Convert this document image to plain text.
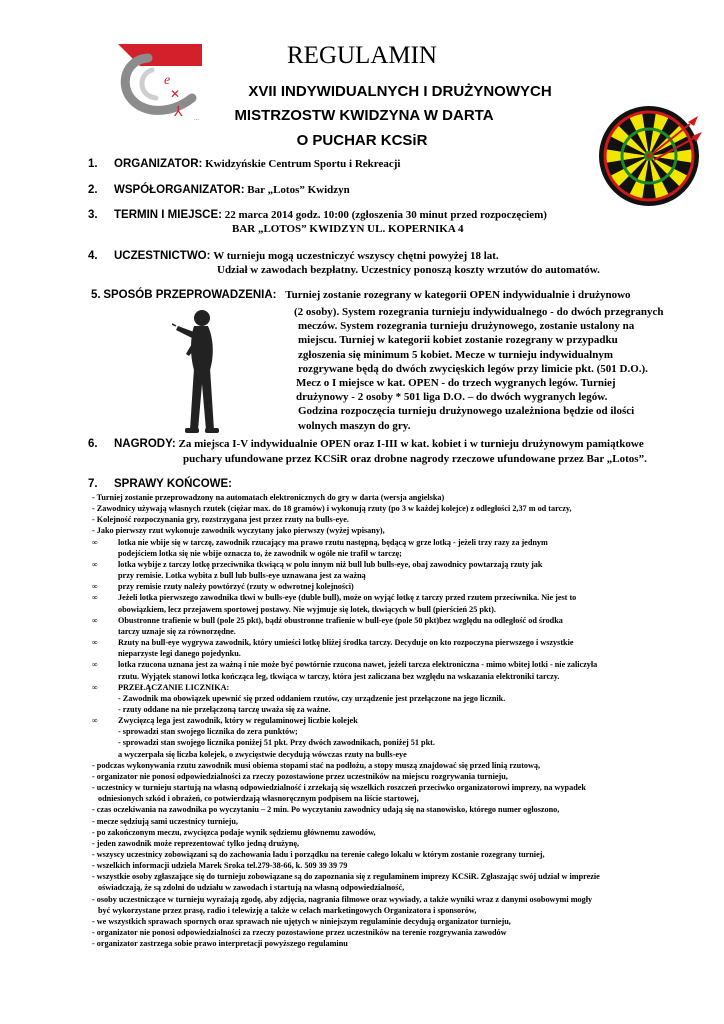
e
✕
⅄ ...
REGULAMIN
XVII INDYWIDUALNYCH I DRUŻYNOWYCH
MISTRZOSTW KWIDZYNA W DARTA
O PUCHAR KCSiR
1. ORGANIZATOR: Kwidzyńskie Centrum Sportu i Rekreacji
2. WSPÓŁORGANIZATOR: Bar „Lotos” Kwidzyn
3. TERMIN I MIEJSCE: 22 marca 2014 godz. 10:00 (zgłoszenia 30 minut przed rozpoczęciem)
BAR „LOTOS” KWIDZYN UL. KOPERNIKA 4
4. UCZESTNICTWO: W turnieju mogą uczestniczyć wszyscy chętni powyżej 18 lat.
Udział w zawodach bezpłatny. Uczestnicy ponoszą koszty wrzutów do automatów.
5. SPOSÓB PRZEPROWADZENIA: Turniej zostanie rozegrany w kategorii OPEN indywidualnie i drużynowo
(2 osoby). System rozegrania turnieju indywidualnego - do dwóch przegranych
meczów. System rozegrania turnieju drużynowego, zostanie ustalony na
miejscu. Turniej w kategorii kobiet zostanie rozegrany w przypadku
zgłoszenia się minimum 5 kobiet. Mecze w turnieju indywidualnym
rozgrywane będą do dwóch zwycięskich legów przy limicie pkt. (501 D.O.).
Mecz o I miejsce w kat. OPEN - do trzech wygranych legów. Turniej
drużynowy - 2 osoby * 501 liga D.O. – do dwóch wygranych legów.
Godzina rozpoczęcia turnieju drużynowego uzależniona będzie od ilości
wolnych maszyn do gry.
6. NAGRODY: Za miejsca I-V indywidualnie OPEN oraz I-III w kat. kobiet i w turnieju drużynowym pamiątkowe
puchary ufundowane przez KCSiR oraz drobne nagrody rzeczowe ufundowane przez Bar „Lotos”.
7. SPRAWY KOŃCOWE:
- Turniej zostanie przeprowadzony na automatach elektronicznych do gry w darta (wersja angielska)
- Zawodnicy używają własnych rzutek (ciężar max. do 18 gramów) i wykonują rzuty (po 3 w każdej kolejce) z odległości 2,37 m od tarczy,
- Kolejność rozpoczynania gry, rozstrzygana jest przez rzuty na bulls-eye.
- Jako pierwszy rzut wykonuje zawodnik wyczytany jako pierwszy (wyżej wpisany),
∞ lotka nie wbije się w tarczę, zawodnik rzucający ma prawo rzutu następną, będącą w grze lotką - jeżeli trzy razy za jednym
podejściem lotka się nie wbije oznacza to, że zawodnik w ogóle nie trafił w tarczę;
∞ lotka wybije z tarczy lotkę przeciwnika tkwiącą w polu innym niż bull lub bulls-eye, obaj zawodnicy powtarzają rzuty jak
przy remisie. Lotka wybita z bull lub bulls-eye uznawana jest za ważną
∞ przy remisie rzuty należy powtórzyć (rzuty w odwrotnej kolejności)
∞ Jeżeli lotka pierwszego zawodnika tkwi w bulls-eye (duble bull), może on wyjąć lotkę z tarczy przed rzutem przeciwnika. Nie jest to
obowiązkiem, lecz przejawem sportowej postawy. Nie wyjmuje się lotek, tkwiących w bull (pierścień 25 pkt).
∞ Obustronne trafienie w bull (pole 25 pkt), bądź obustronne trafienie w bull-eye (pole 50 pkt)bez względu na odległość od środka
tarczy uznaje się za równorzędne.
∞ Rzuty na bull-eye wygrywa zawodnik, który umieści lotkę bliżej środka tarczy. Decyduje on kto rozpoczyna pierwszego i wszystkie
nieparzyste legi danego pojedynku.
∞ lotka rzucona uznana jest za ważną i nie może być powtórnie rzucona nawet, jeżeli tarcza elektroniczna - mimo wbitej lotki - nie zaliczyła
rzutu. Wyjątek stanowi lotka kończąca leg, tkwiąca w tarczy, która jest zaliczana bez względu na wskazania elektroniki tarczy.
∞ PRZEŁĄCZANIE LICZNIKA:
- Zawodnik ma obowiązek upewnić się przed oddaniem rzutów, czy urządzenie jest przełączone na jego licznik.
- rzuty oddane na nie przełączoną tarczę uważa się za ważne.
∞ Zwycięzcą lega jest zawodnik, który w regulaminowej liczbie kolejek
- sprowadzi stan swojego licznika do zera punktów;
- sprowadzi stan swojego licznika poniżej 51 pkt. Przy dwóch zawodnikach, poniżej 51 pkt.
a wyczerpała się liczba kolejek, o zwycięstwie decydują wówczas rzuty na bulls-eye
- podczas wykonywania rzutu zawodnik musi obiema stopami stać na podłożu, a stopy muszą znajdować się przed linią rzutową,
- organizator nie ponosi odpowiedzialności za rzeczy pozostawione przez uczestników na miejscu rozgrywania turnieju,
- uczestnicy w turnieju startują na własną odpowiedzialność i zrzekają się wszelkich roszczeń przeciwko organizatorowi imprezy, na wypadek
odniesionych szkód i obrażeń, co potwierdzają własnoręcznym podpisem na liście startowej,
- czas oczekiwania na zawodnika po wyczytaniu – 2 min. Po wyczytaniu zawodnicy udają się na stanowisko, którego numer ogłoszono,
- mecze sędziują sami uczestnicy turnieju,
- po zakończonym meczu, zwycięzca podaje wynik sędziemu głównemu zawodów,
- jeden zawodnik może reprezentować tylko jedną drużynę,
- wszyscy uczestnicy zobowiązani są do zachowania ładu i porządku na terenie całego lokalu w którym zostanie rozegrany turniej,
- wszelkich informacji udziela Marek Sroka tel.279-38-66, k. 509 39 39 79
- wszystkie osoby zgłaszające się do turnieju zobowiązane są do zapoznania się z regulaminem imprezy KCSiR. Zgłaszając swój udział w imprezie
oświadczają, że są zdolni do udziału w zawodach i startują na własną odpowiedzialność,
- osoby uczestniczące w turnieju wyrażają zgodę, aby zdjęcia, nagrania filmowe oraz wywiady, a także wyniki wraz z danymi osobowymi mogły
być wykorzystane przez prasę, radio i telewizję a także w celach marketingowych Organizatora i sponsorów,
- we wszystkich sprawach spornych oraz sprawach nie ujętych w niniejszym regulaminie decydują organizator turnieju,
- organizator nie ponosi odpowiedzialności za rzeczy pozostawione przez uczestników na terenie rozgrywania zawodów
- organizator zastrzega sobie prawo interpretacji powyższego regulaminu
